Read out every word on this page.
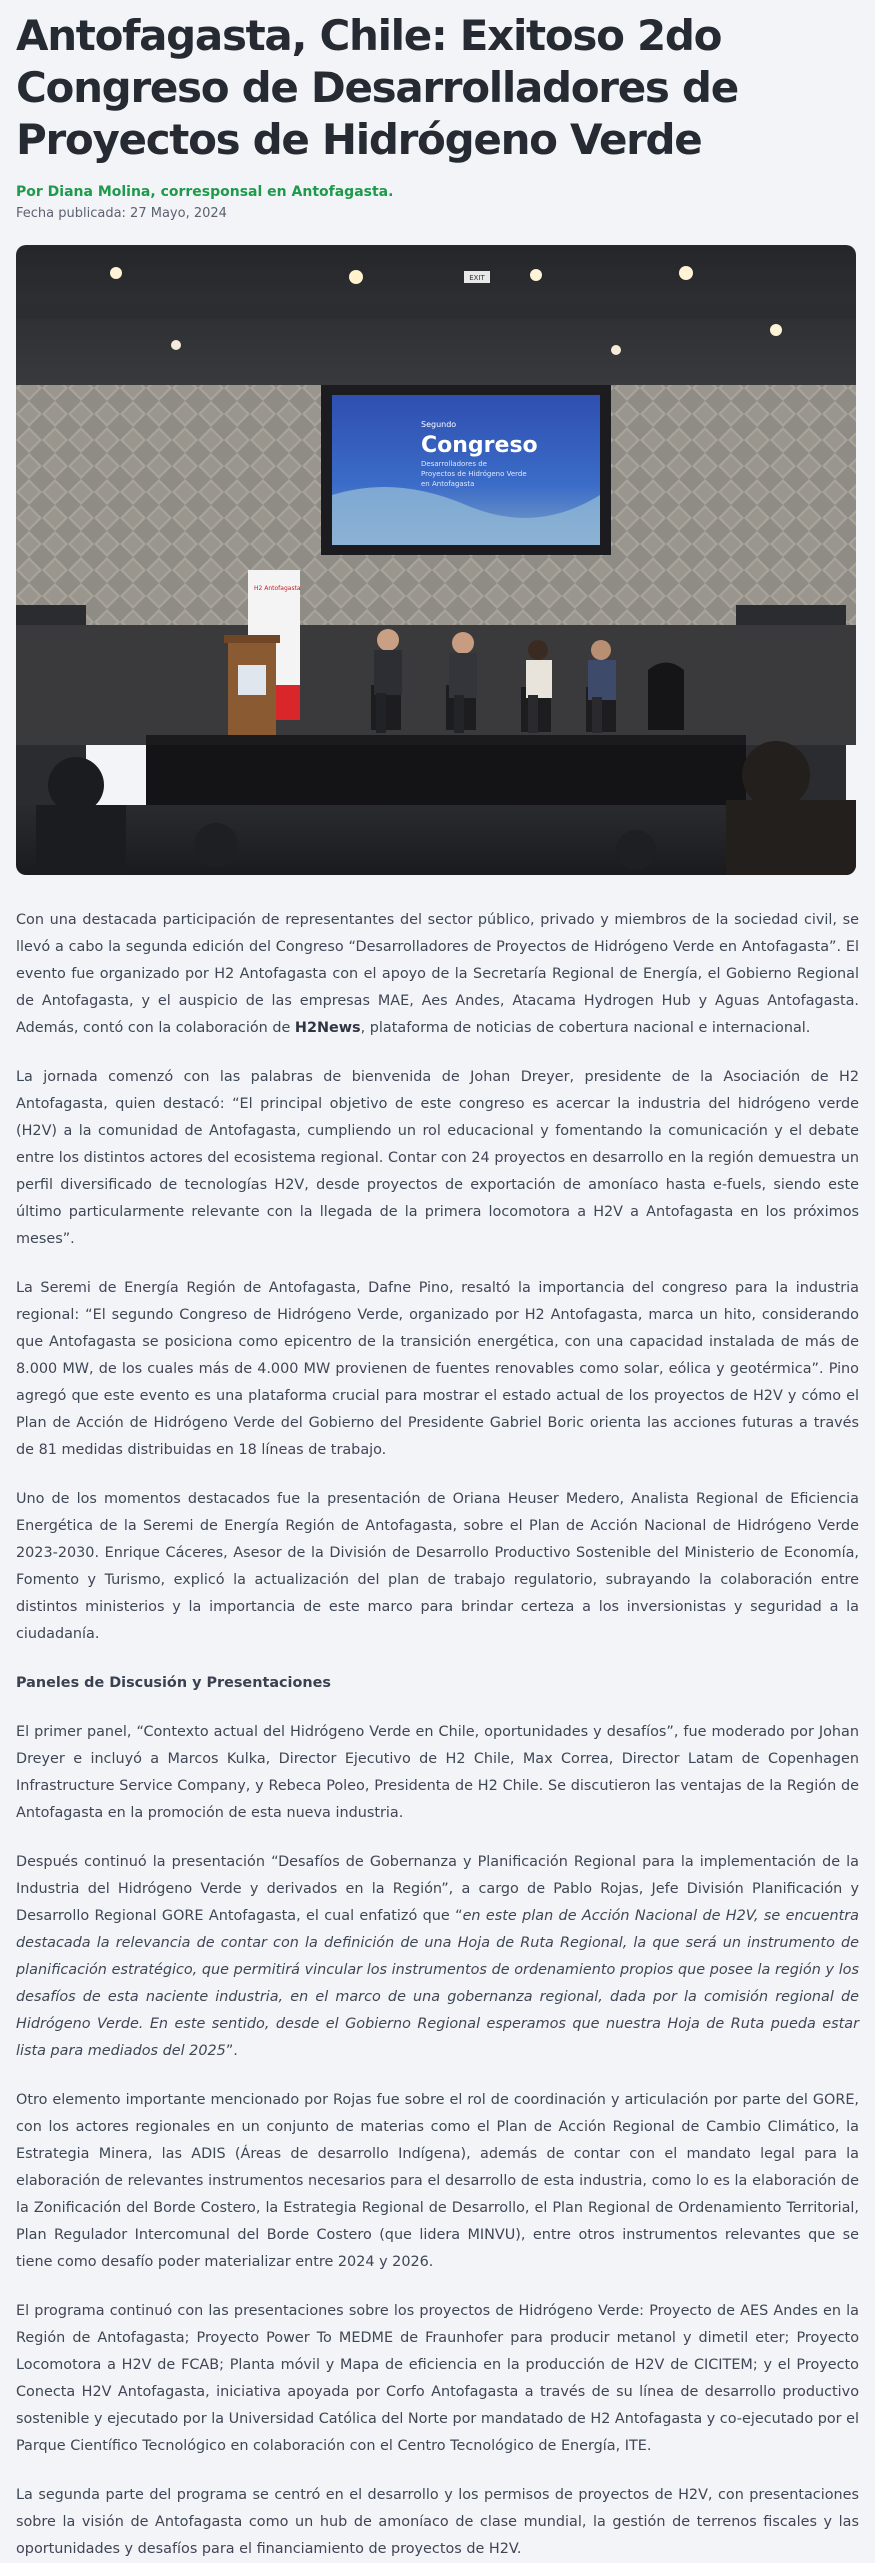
Antofagasta, Chile: Exitoso 2do Congreso de Desarrolladores de Proyectos de Hidrógeno Verde
Por Diana Molina, corresponsal en Antofagasta.
Fecha publicada: 27 Mayo, 2024
EXIT
Segundo
Congreso
Desarrolladores de
Proyectos de Hidrógeno Verde
en Antofagasta
H2 Antofagasta

Con una destacada participación de representantes del sector público, privado y miembros de la sociedad civil, se llevó a cabo la segunda edición del Congreso “Desarrolladores de Proyectos de Hidrógeno Verde en Antofagasta”. El evento fue organizado por H2 Antofagasta con el apoyo de la Secretaría Regional de Energía, el Gobierno Regional de Antofagasta, y el auspicio de las empresas MAE, Aes Andes, Atacama Hydrogen Hub y Aguas Antofagasta. Además, contó con la colaboración de H2News, plataforma de noticias de cobertura nacional e internacional.

La jornada comenzó con las palabras de bienvenida de Johan Dreyer, presidente de la Asociación de H2 Antofagasta, quien destacó: “El principal objetivo de este congreso es acercar la industria del hidrógeno verde (H2V) a la comunidad de Antofagasta, cumpliendo un rol educacional y fomentando la comunicación y el debate entre los distintos actores del ecosistema regional. Contar con 24 proyectos en desarrollo en la región demuestra un perfil diversificado de tecnologías H2V, desde proyectos de exportación de amoníaco hasta e-fuels, siendo este último particularmente relevante con la llegada de la primera locomotora a H2V a Antofagasta en los próximos meses”.

La Seremi de Energía Región de Antofagasta, Dafne Pino, resaltó la importancia del congreso para la industria regional: “El segundo Congreso de Hidrógeno Verde, organizado por H2 Antofagasta, marca un hito, considerando que Antofagasta se posiciona como epicentro de la transición energética, con una capacidad instalada de más de 8.000 MW, de los cuales más de 4.000 MW provienen de fuentes renovables como solar, eólica y geotérmica”. Pino agregó que este evento es una plataforma crucial para mostrar el estado actual de los proyectos de H2V y cómo el Plan de Acción de Hidrógeno Verde del Gobierno del Presidente Gabriel Boric orienta las acciones futuras a través de 81 medidas distribuidas en 18 líneas de trabajo.

Uno de los momentos destacados fue la presentación de Oriana Heuser Medero, Analista Regional de Eficiencia Energética de la Seremi de Energía Región de Antofagasta, sobre el Plan de Acción Nacional de Hidrógeno Verde 2023-2030. Enrique Cáceres, Asesor de la División de Desarrollo Productivo Sostenible del Ministerio de Economía, Fomento y Turismo, explicó la actualización del plan de trabajo regulatorio, subrayando la colaboración entre distintos ministerios y la importancia de este marco para brindar certeza a los inversionistas y seguridad a la ciudadanía.

Paneles de Discusión y Presentaciones

El primer panel, “Contexto actual del Hidrógeno Verde en Chile, oportunidades y desafíos”, fue moderado por Johan Dreyer e incluyó a Marcos Kulka, Director Ejecutivo de H2 Chile, Max Correa, Director Latam de Copenhagen Infrastructure Service Company, y Rebeca Poleo, Presidenta de H2 Chile. Se discutieron las ventajas de la Región de Antofagasta en la promoción de esta nueva industria.

Después continuó la presentación “Desafíos de Gobernanza y Planificación Regional para la implementación de la Industria del Hidrógeno Verde y derivados en la Región”, a cargo de Pablo Rojas, Jefe División Planificación y Desarrollo Regional GORE Antofagasta, el cual enfatizó que “en este plan de Acción Nacional de H2V, se encuentra destacada la relevancia de contar con la definición de una Hoja de Ruta Regional, la que será un instrumento de planificación estratégico, que permitirá vincular los instrumentos de ordenamiento propios que posee la región y los desafíos de esta naciente industria, en el marco de una gobernanza regional, dada por la comisión regional de Hidrógeno Verde. En este sentido, desde el Gobierno Regional esperamos que nuestra Hoja de Ruta pueda estar lista para mediados del 2025”.

Otro elemento importante mencionado por Rojas fue sobre el rol de coordinación y articulación por parte del GORE, con los actores regionales en un conjunto de materias como el Plan de Acción Regional de Cambio Climático, la Estrategia Minera, las ADIS (Áreas de desarrollo Indígena), además de contar con el mandato legal para la elaboración de relevantes instrumentos necesarios para el desarrollo de esta industria, como lo es la elaboración de la Zonificación del Borde Costero, la Estrategia Regional de Desarrollo, el Plan Regional de Ordenamiento Territorial, Plan Regulador Intercomunal del Borde Costero (que lidera MINVU), entre otros instrumentos relevantes que se tiene como desafío poder materializar entre 2024 y 2026.

El programa continuó con las presentaciones sobre los proyectos de Hidrógeno Verde: Proyecto de AES Andes en la Región de Antofagasta; Proyecto Power To MEDME de Fraunhofer para producir metanol y dimetil eter; Proyecto Locomotora a H2V de FCAB; Planta móvil y Mapa de eficiencia en la producción de H2V de CICITEM; y el Proyecto Conecta H2V Antofagasta, iniciativa apoyada por Corfo Antofagasta a través de su línea de desarrollo productivo sostenible y ejecutado por la Universidad Católica del Norte por mandatado de H2 Antofagasta y co-ejecutado por el Parque Científico Tecnológico en colaboración con el Centro Tecnológico de Energía, ITE.

La segunda parte del programa se centró en el desarrollo y los permisos de proyectos de H2V, con presentaciones sobre la visión de Antofagasta como un hub de amoníaco de clase mundial, la gestión de terrenos fiscales y las oportunidades y desafíos para el financiamiento de proyectos de H2V.
